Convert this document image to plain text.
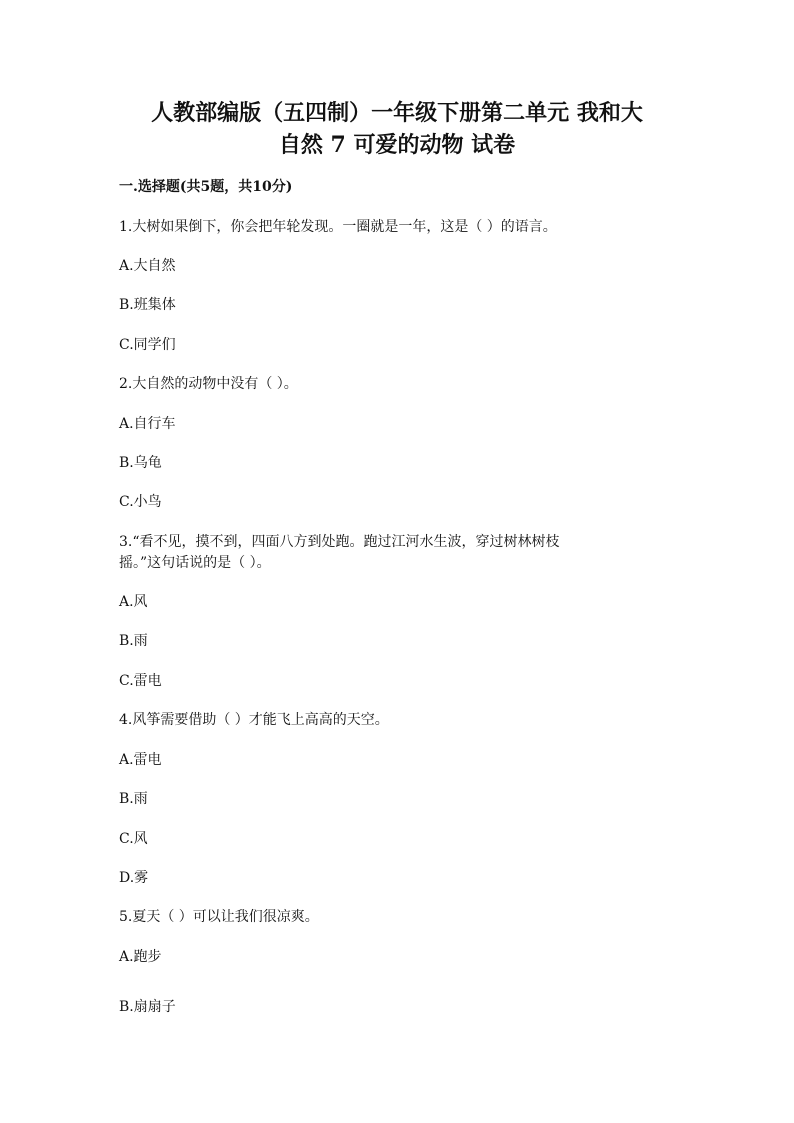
人教部编版（五四制）一年级下册第二单元 我和大
自然 7 可爱的动物 试卷
一.选择题(共5题，共10分)
1.大树如果倒下，你会把年轮发现。一圈就是一年，这是（ ）的语言。
A.大自然
B.班集体
C.同学们
2.大自然的动物中没有（ ）。
A.自行车
B.乌龟
C.小鸟
3.“看不见，摸不到，四面八方到处跑。跑过江河水生波，穿过树林树枝
摇。”这句话说的是（ ）。
A.风
B.雨
C.雷电
4.风筝需要借助（ ）才能飞上高高的天空。
A.雷电
B.雨
C.风
D.雾
5.夏天（ ）可以让我们很凉爽。
A.跑步
B.扇扇子
